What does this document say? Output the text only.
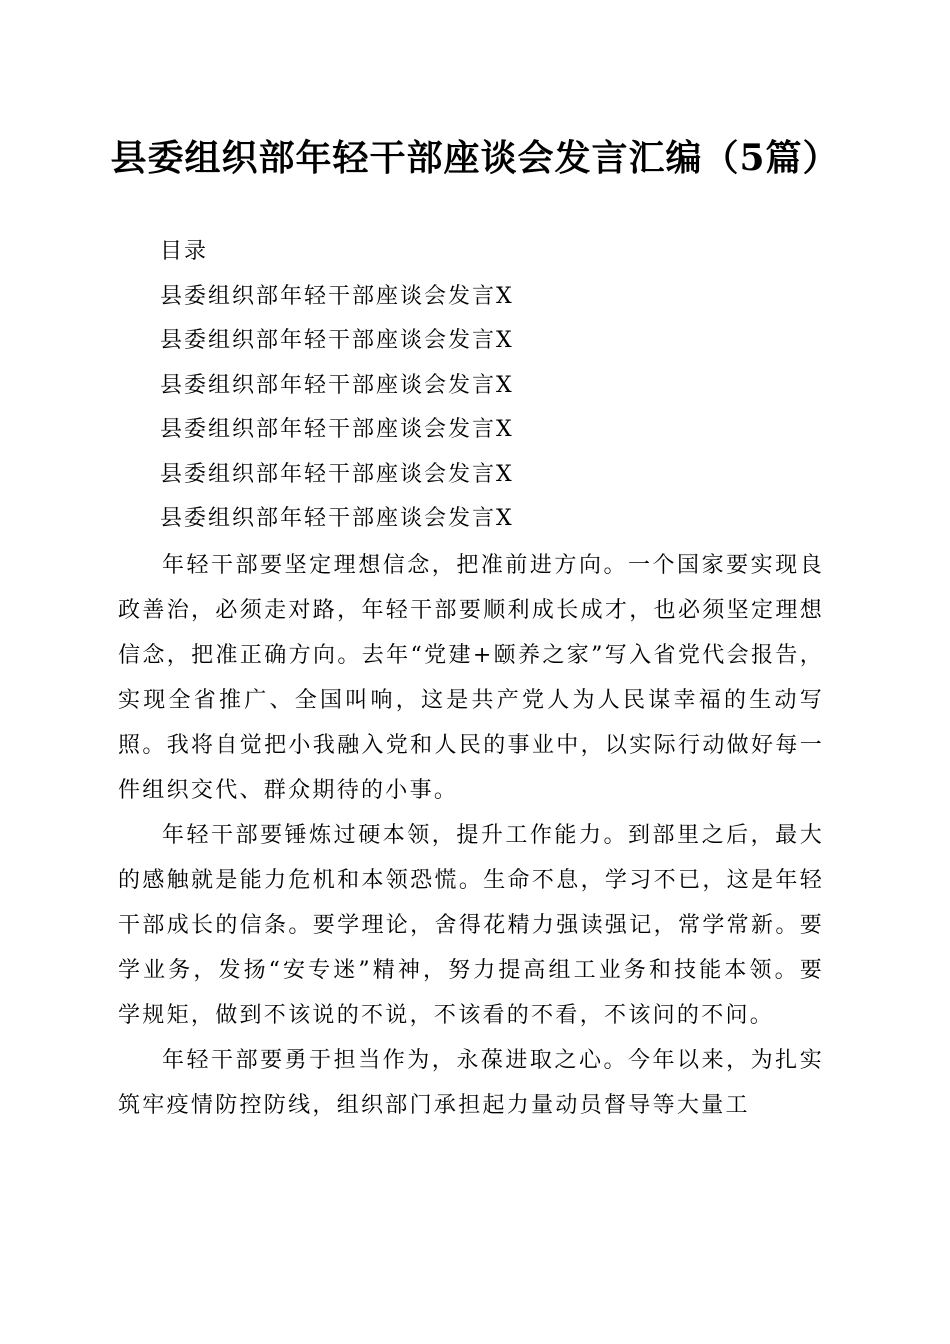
县委组织部年轻干部座谈会发言汇编（5篇）
目录
县委组织部年轻干部座谈会发言X
县委组织部年轻干部座谈会发言X
县委组织部年轻干部座谈会发言X
县委组织部年轻干部座谈会发言X
县委组织部年轻干部座谈会发言X
县委组织部年轻干部座谈会发言X

年轻干部要坚定理想信念，把准前进方向。一个国家要实现良政善治，必须走对路，年轻干部要顺利成长成才，也必须坚定理想信念，把准正确方向。去年“党建+颐养之家”写入省党代会报告，实现全省推广、全国叫响，这是共产党人为人民谋幸福的生动写照。我将自觉把小我融入党和人民的事业中，以实际行动做好每一件组织交代、群众期待的小事。

年轻干部要锤炼过硬本领，提升工作能力。到部里之后，最大的感触就是能力危机和本领恐慌。生命不息，学习不已，这是年轻干部成长的信条。要学理论，舍得花精力强读强记，常学常新。要学业务，发扬“安专迷”精神，努力提高组工业务和技能本领。要学规矩，做到不该说的不说，不该看的不看，不该问的不问。

年轻干部要勇于担当作为，永葆进取之心。今年以来，为扎实筑牢疫情防控防线，组织部门承担起力量动员督导等大量工
